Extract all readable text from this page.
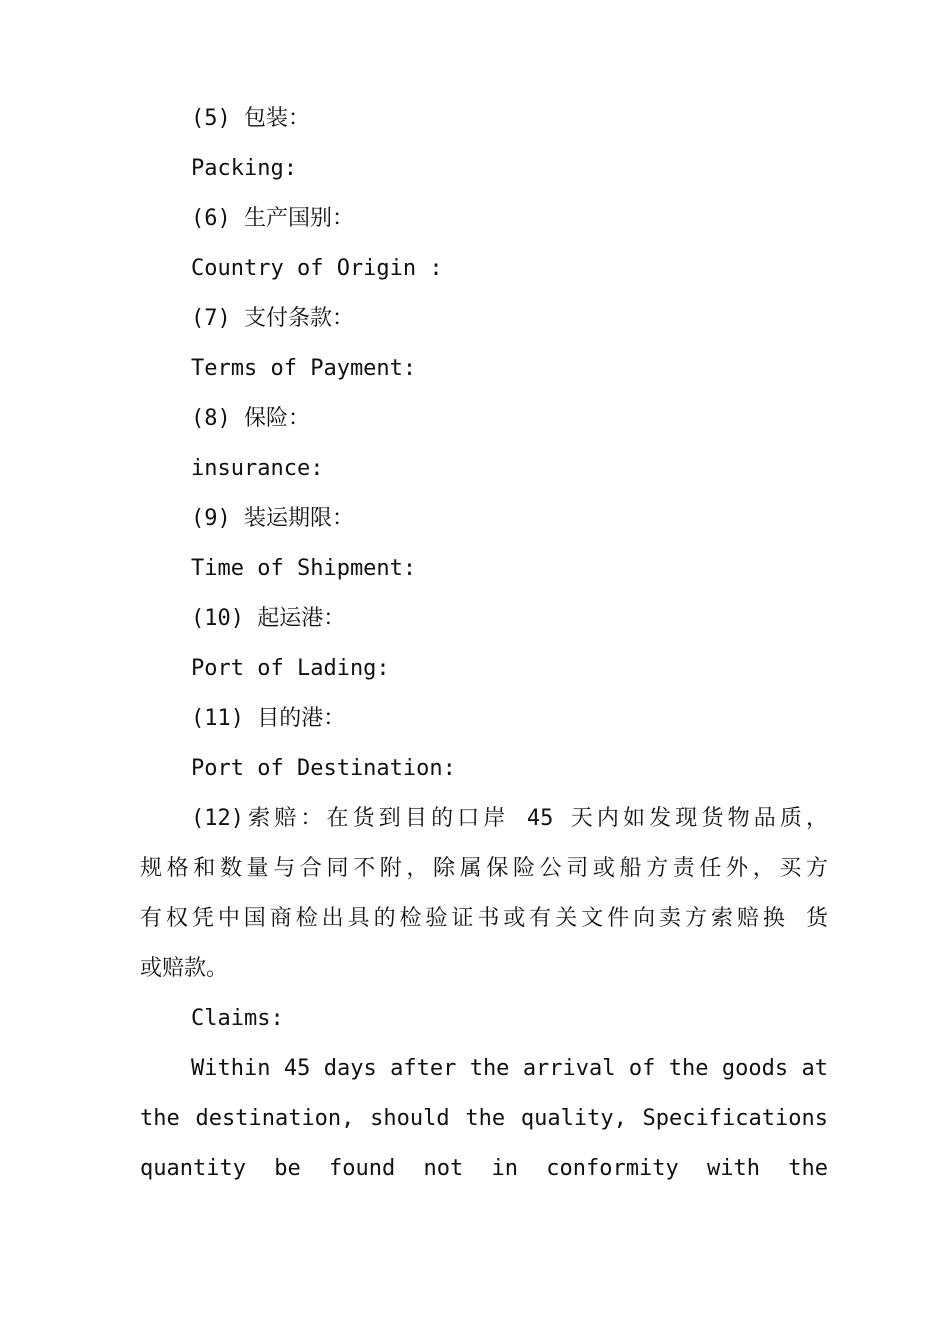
(5) 包装：

Packing:

(6) 生产国别：

Country of Origin :

(7) 支付条款：

Terms of Payment:

(8) 保险：

insurance:

(9) 装运期限：

Time of Shipment:

(10) 起运港：

Port of Lading:

(11) 目的港：

Port of Destination:

(12)索赔：在货到目的口岸 45 天内如发现货物品质，

规格和数量与合同不附，除属保险公司或船方责任外，买方

有权凭中国商检出具的检验证书或有关文件向卖方索赔换 货

或赔款。

Claims:

Within 45 days after the arrival of the goods at

the destination, should the quality, Specifications

quantity be found not in conformity with the
